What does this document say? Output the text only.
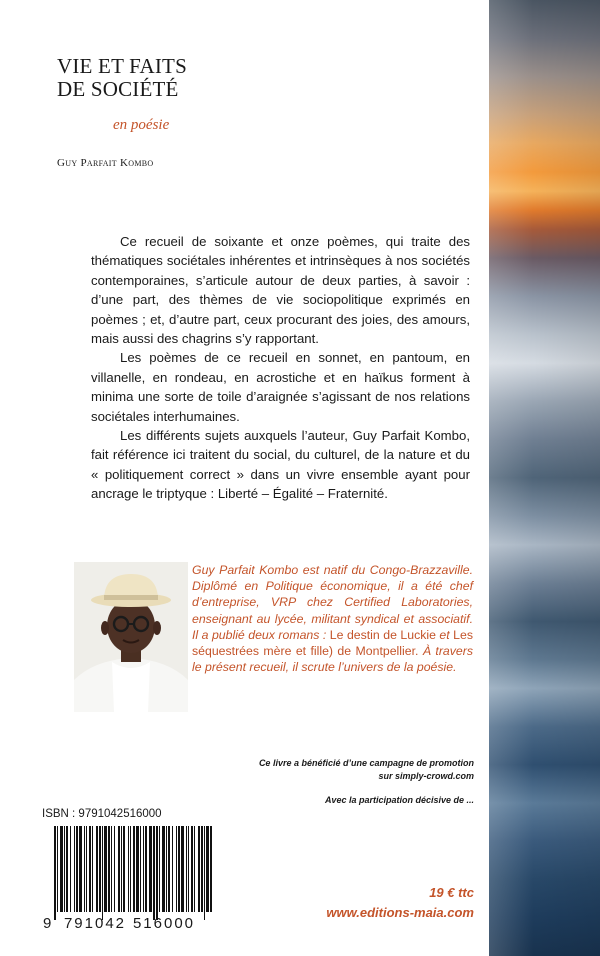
VIE ET FAITS
DE SOCIÉTÉ
en poésie
Guy Parfait Kombo

Ce recueil de soixante et onze poèmes, qui traite des thématiques sociétales inhérentes et intrinsèques à nos sociétés contemporaines, s’articule autour de deux parties, à savoir : d’une part, des thèmes de vie sociopolitique exprimés en poèmes ; et, d’autre part, ceux procurant des joies, des amours, mais aussi des chagrins s’y rapportant.

Les poèmes de ce recueil en sonnet, en pantoum, en villanelle, en rondeau, en acrostiche et en haïkus forment à minima une sorte de toile d’araignée s’agissant de nos relations sociétales interhumaines.

Les différents sujets auxquels l’auteur, Guy Parfait Kombo, fait référence ici traitent du social, du culturel, de la nature et du « politiquement correct » dans un vivre ensemble ayant pour ancrage le triptyque : Liberté – Égalité – Fraternité.

Guy Parfait Kombo est natif du Congo-Brazzaville. Diplômé en Politique économique, il a été chef d’entreprise, VRP chez Certified Laboratories, enseignant au lycée, militant syndical et associatif. Il a publié deux romans : Le destin de Luckie et Les séquestrées mère et fille) de Montpellier. À travers le présent recueil, il scrute l’univers de la poésie.
Ce livre a bénéficié d’une campagne de promotion
sur simply-crowd.com
Avec la participation décisive de ...
ISBN : 9791042516000
9 791042 516000
19 € ttc
www.editions-maia.com
